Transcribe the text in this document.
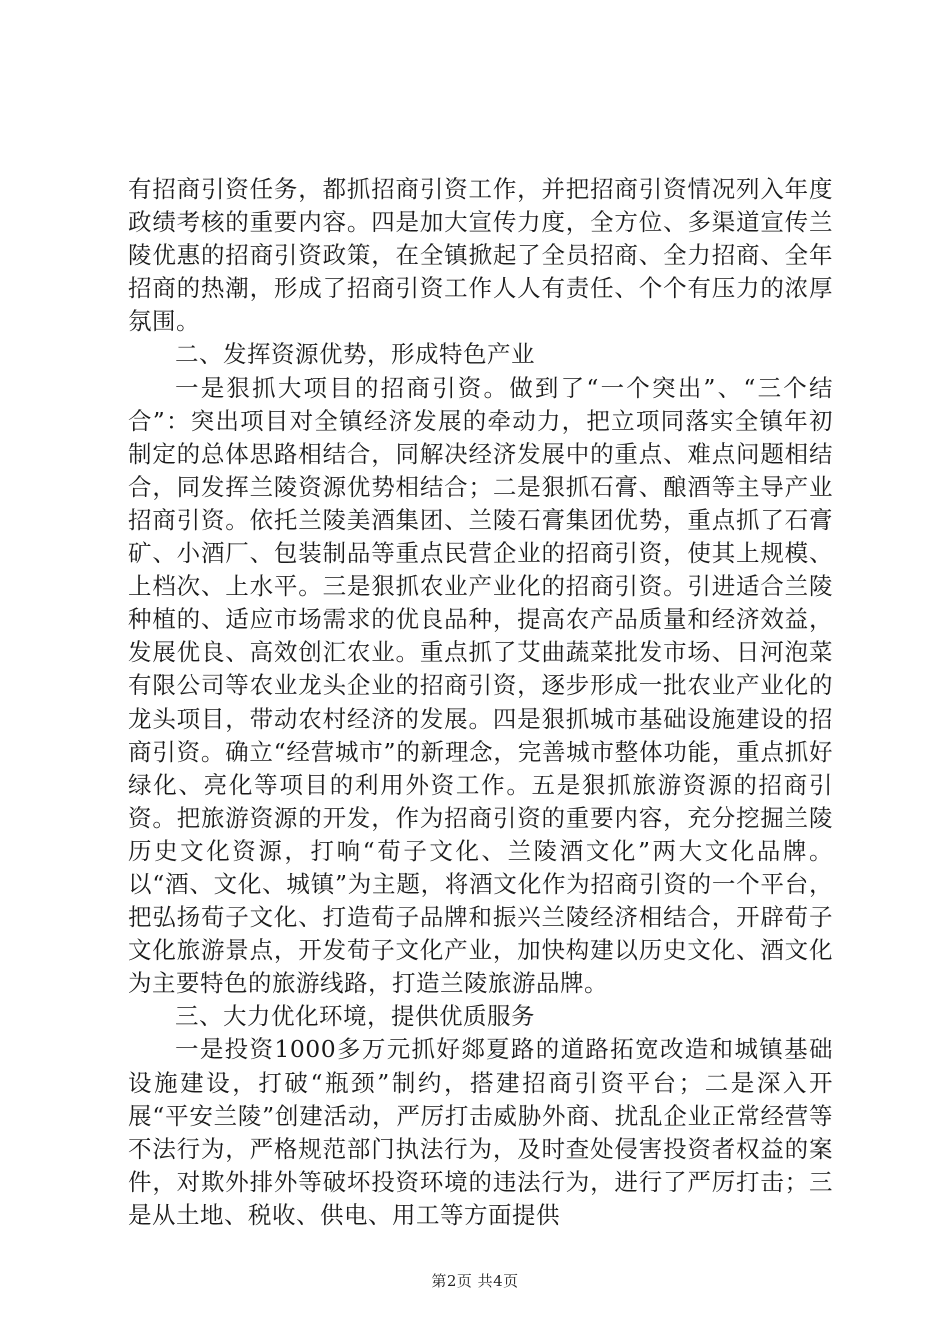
有招商引资任务，都抓招商引资工作，并把招商引资情况列入年度政绩考核的重要内容。四是加大宣传力度，全方位、多渠道宣传兰陵优惠的招商引资政策，在全镇掀起了全员招商、全力招商、全年招商的热潮，形成了招商引资工作人人有责任、个个有压力的浓厚氛围。

二、发挥资源优势，形成特色产业

一是狠抓大项目的招商引资。做到了“一个突出”、“三个结合”：突出项目对全镇经济发展的牵动力，把立项同落实全镇年初制定的总体思路相结合，同解决经济发展中的重点、难点问题相结合，同发挥兰陵资源优势相结合；二是狠抓石膏、酿酒等主导产业招商引资。依托兰陵美酒集团、兰陵石膏集团优势，重点抓了石膏矿、小酒厂、包装制品等重点民营企业的招商引资，使其上规模、上档次、上水平。三是狠抓农业产业化的招商引资。引进适合兰陵种植的、适应市场需求的优良品种，提高农产品质量和经济效益，发展优良、高效创汇农业。重点抓了艾曲蔬菜批发市场、日河泡菜有限公司等农业龙头企业的招商引资，逐步形成一批农业产业化的龙头项目，带动农村经济的发展。四是狠抓城市基础设施建设的招商引资。确立“经营城市”的新理念，完善城市整体功能，重点抓好绿化、亮化等项目的利用外资工作。五是狠抓旅游资源的招商引资。把旅游资源的开发，作为招商引资的重要内容，充分挖掘兰陵历史文化资源，打响“荀子文化、兰陵酒文化”两大文化品牌。以“酒、文化、城镇”为主题，将酒文化作为招商引资的一个平台，把弘扬荀子文化、打造荀子品牌和振兴兰陵经济相结合，开辟荀子文化旅游景点，开发荀子文化产业，加快构建以历史文化、酒文化为主要特色的旅游线路，打造兰陵旅游品牌。

三、大力优化环境，提供优质服务

一是投资1000多万元抓好郯夏路的道路拓宽改造和城镇基础设施建设，打破“瓶颈”制约，搭建招商引资平台；二是深入开展“平安兰陵”创建活动，严厉打击威胁外商、扰乱企业正常经营等不法行为，严格规范部门执法行为，及时查处侵害投资者权益的案件，对欺外排外等破坏投资环境的违法行为，进行了严厉打击；三是从土地、税收、供电、用工等方面提供

第2页 共4页
